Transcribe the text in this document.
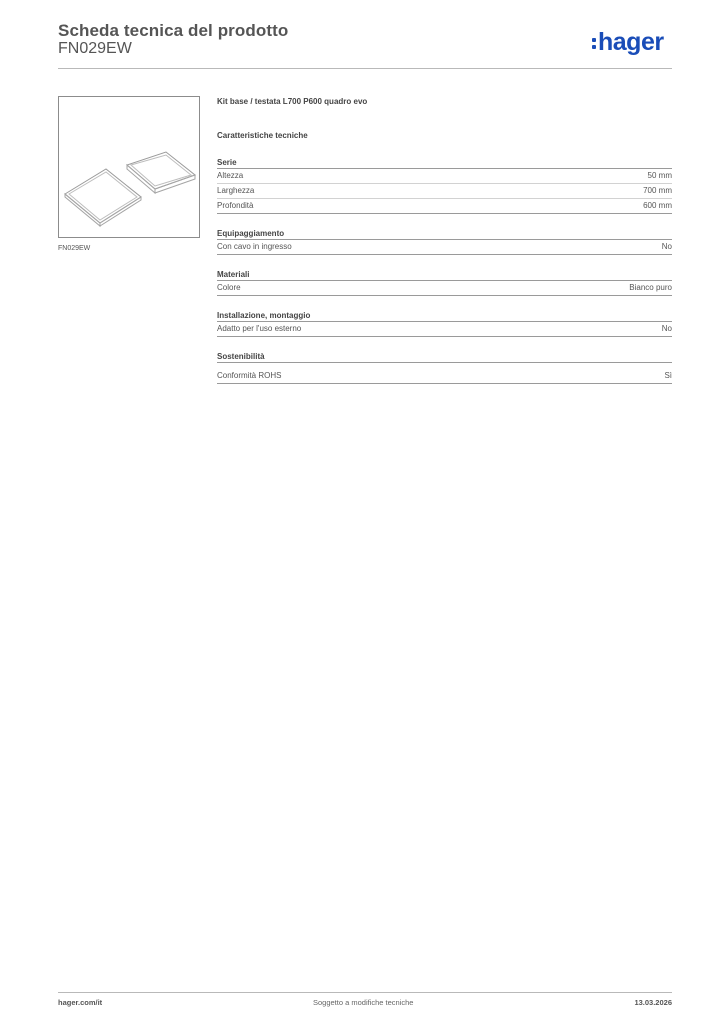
Scheda tecnica del prodotto
FN029EW	hager
FN029EW
Kit base / testata L700 P600 quadro evo
Caratteristiche tecniche
Serie
Altezza	50 mm
Larghezza	700 mm
Profondità	600 mm
Equipaggiamento
Con cavo in ingresso	No
Materiali
Colore	Bianco puro
Installazione, montaggio
Adatto per l'uso esterno	No
Sostenibilità
Conformità ROHS	Sì
hager.com/it	Soggetto a modifiche tecniche	13.03.2026
